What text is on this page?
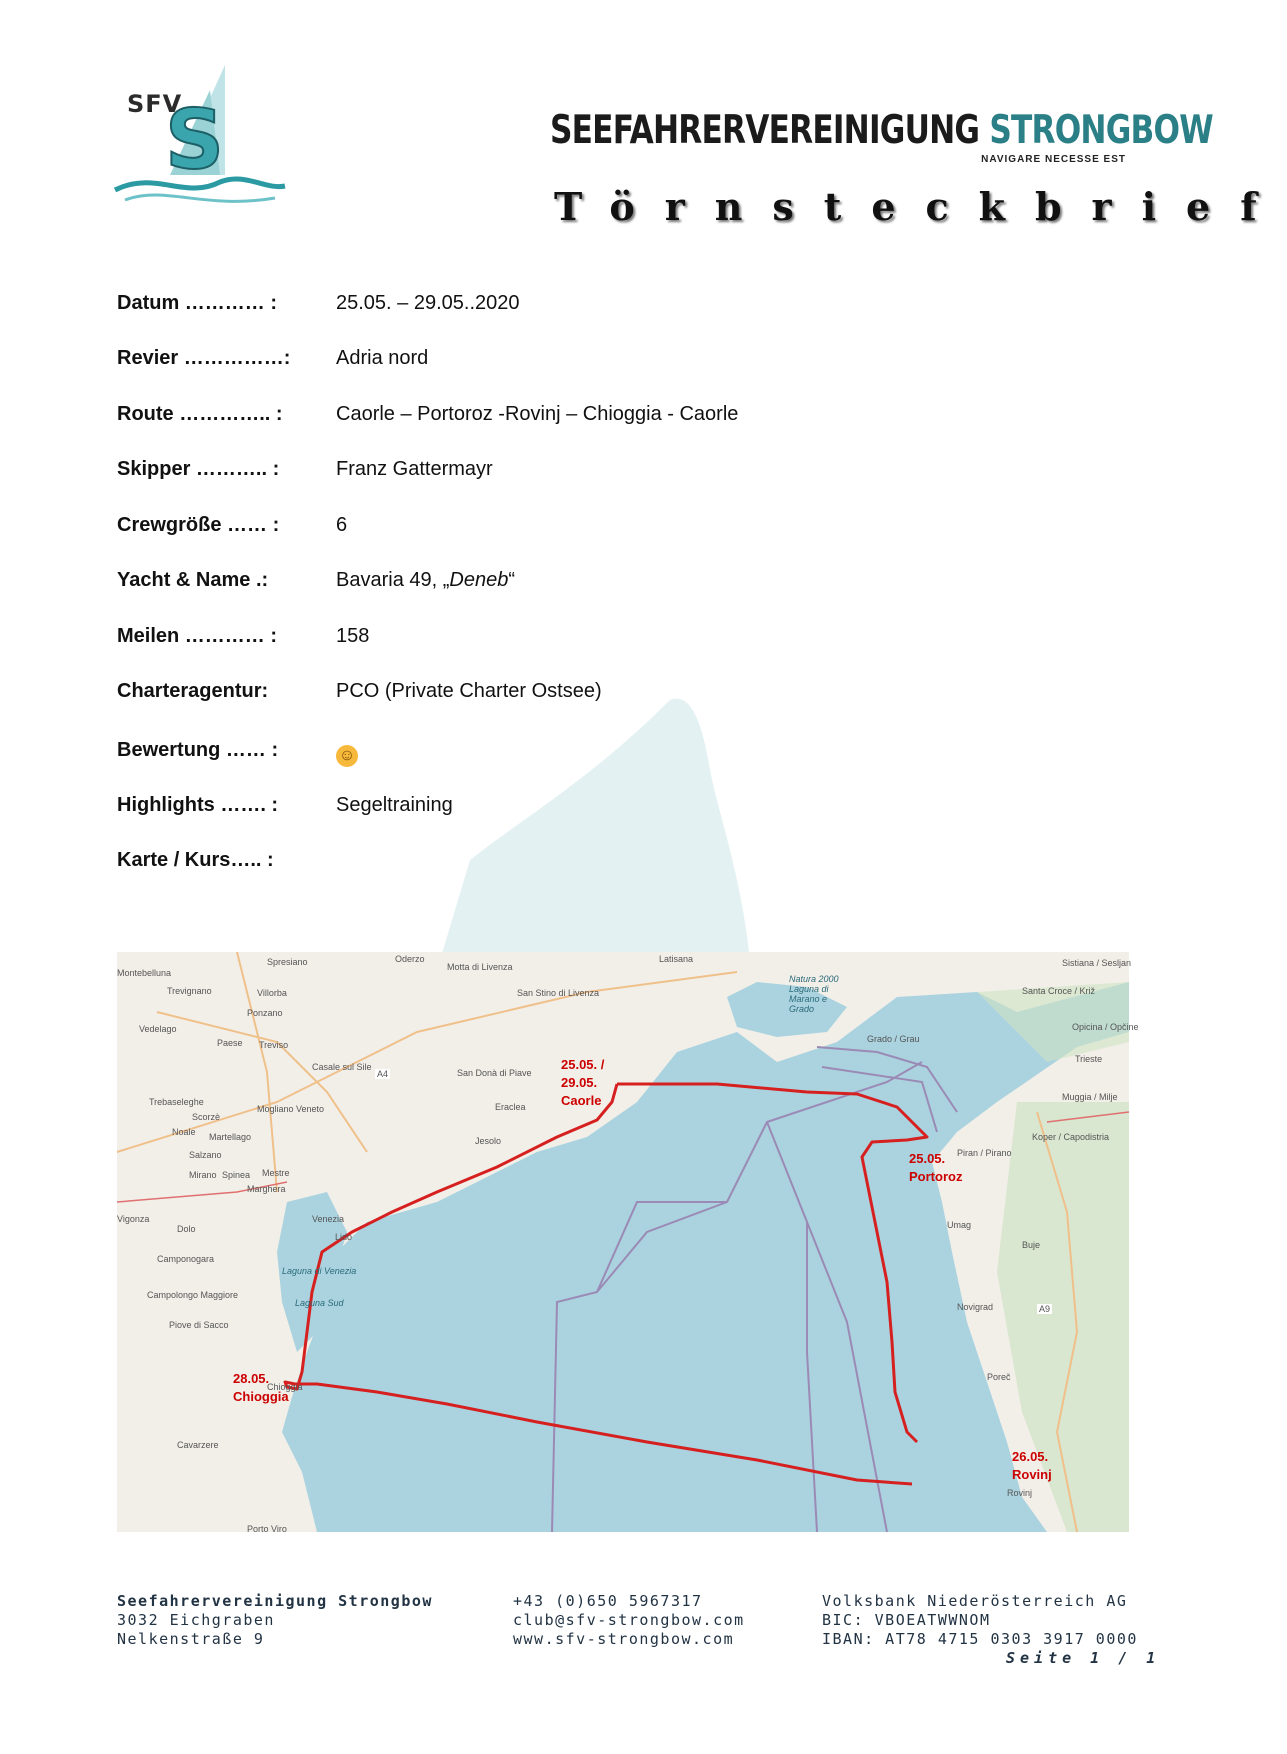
S
SFV
SEEFAHRERVEREINIGUNG STRONGBOW
NAVIGARE NECESSE EST
Törnsteckbrief
Datum ………… :	25.05. – 29.05..2020
Revier ……………:	Adria nord
Route ………….. :	Caorle – Portoroz -Rovinj – Chioggia - Caorle
Skipper ……….. :	Franz Gattermayr
Crewgröße …… :	6
Yacht & Name .:	Bavaria 49, „Deneb“
Meilen ………… :	158
Charteragentur:	PCO (Private Charter Ostsee)
Bewertung …… :	☺
Highlights ……. :	Segeltraining
Karte / Kurs….. :
Montebelluna
Spresiano	Oderzo
Motta di Livenza
Latisana
Trevignano	Villorba	San Stino di Livenza
Ponzano
Vedelago
Paese Treviso
Casale sul Sile
San Donà di Piave
Trebaseleghe
Mogliano Veneto	Eraclea
Scorzè
Noale Martellago	Jesolo
Salzano
Mirano Spinea Mestre
Marghera
Venezia
Lido
Vigonza
Dolo
Camponogara
Campolongo Maggiore
Piove di Sacco
Cavarzere
Chioggia
Porto Viro
Trieste
Muggia / Milje
Koper / Capodistria
Piran / Pirano
Umag
Buje
Novigrad
Poreč
Rovinj
Grado / Grau
Sistiana / Sesljan
Santa Croce / Križ
Opicina / Opčine
Natura 2000 Laguna di Marano e Grado
Laguna di Venezia
Laguna Sud
A4
A9
25.05. /
29.05.
Caorle
25.05.
Portoroz
26.05.
Rovinj
28.05.
Chioggia
Seefahrervereinigung Strongbow
3032 Eichgraben
Nelkenstraße 9
+43 (0)650 5967317
club@sfv-strongbow.com
www.sfv-strongbow.com
Volksbank Niederösterreich AG
BIC: VBOEATWWNOM
IBAN: AT78 4715 0303 3917 0000
Seite 1 / 1
